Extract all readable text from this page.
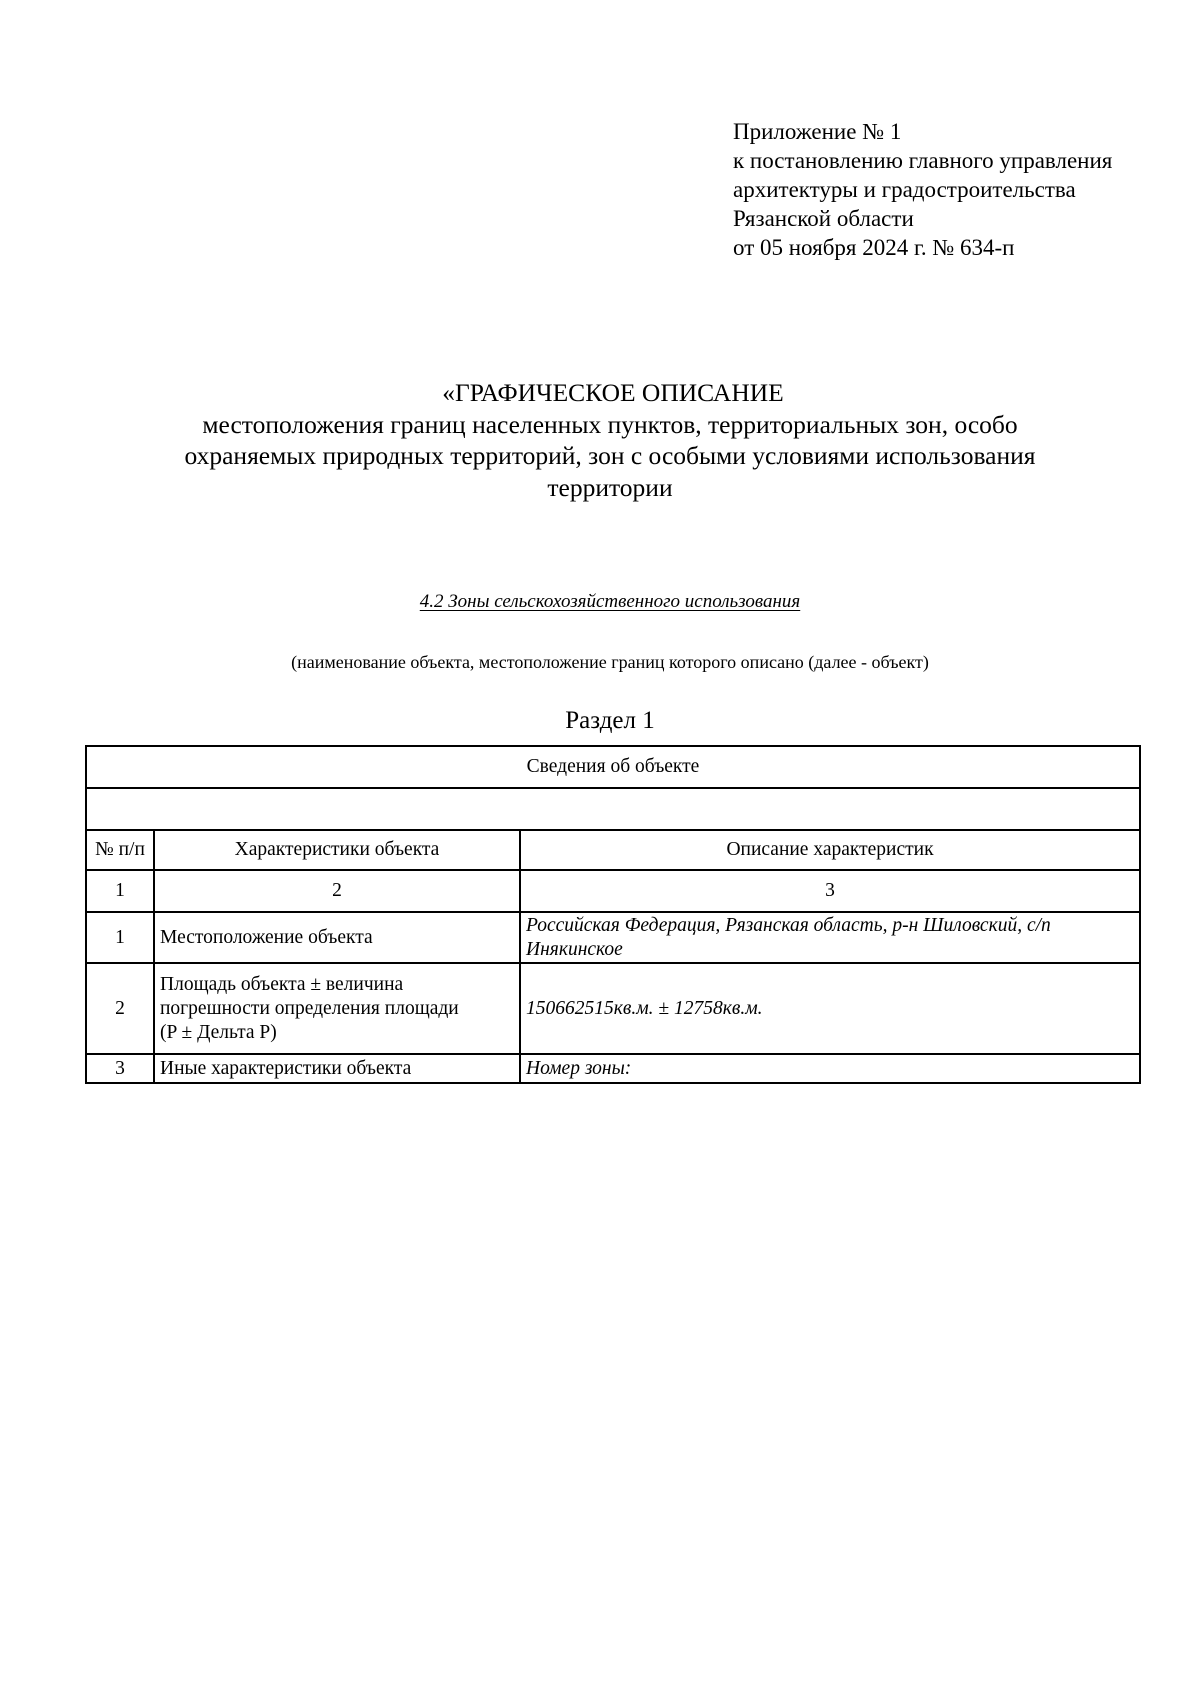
Приложение № 1
к постановлению главного управления
архитектуры и градостроительства
Рязанской области
от 05 ноября 2024 г. № 634-п
«ГРАФИЧЕСКОЕ ОПИСАНИЕ
местоположения границ населенных пунктов, территориальных зон, особо
охраняемых природных территорий, зон с особыми условиями использования
территории
4.2 Зоны сельскохозяйственного использования
(наименование объекта, местоположение границ которого описано (далее - объект)
Раздел 1
Сведения об объекте		

№ п/п	Характеристики объекта	Описание характеристик
1	2	3
1	Местоположение объекта	Российская Федерация, Рязанская область, р-н Шиловский, с/п Инякинское
2	Площадь объекта ± величина
погрешности определения площади
(P ± Дельта P)	150662515кв.м. ± 12758кв.м.
3	Иные характеристики объекта	Номер зоны:
